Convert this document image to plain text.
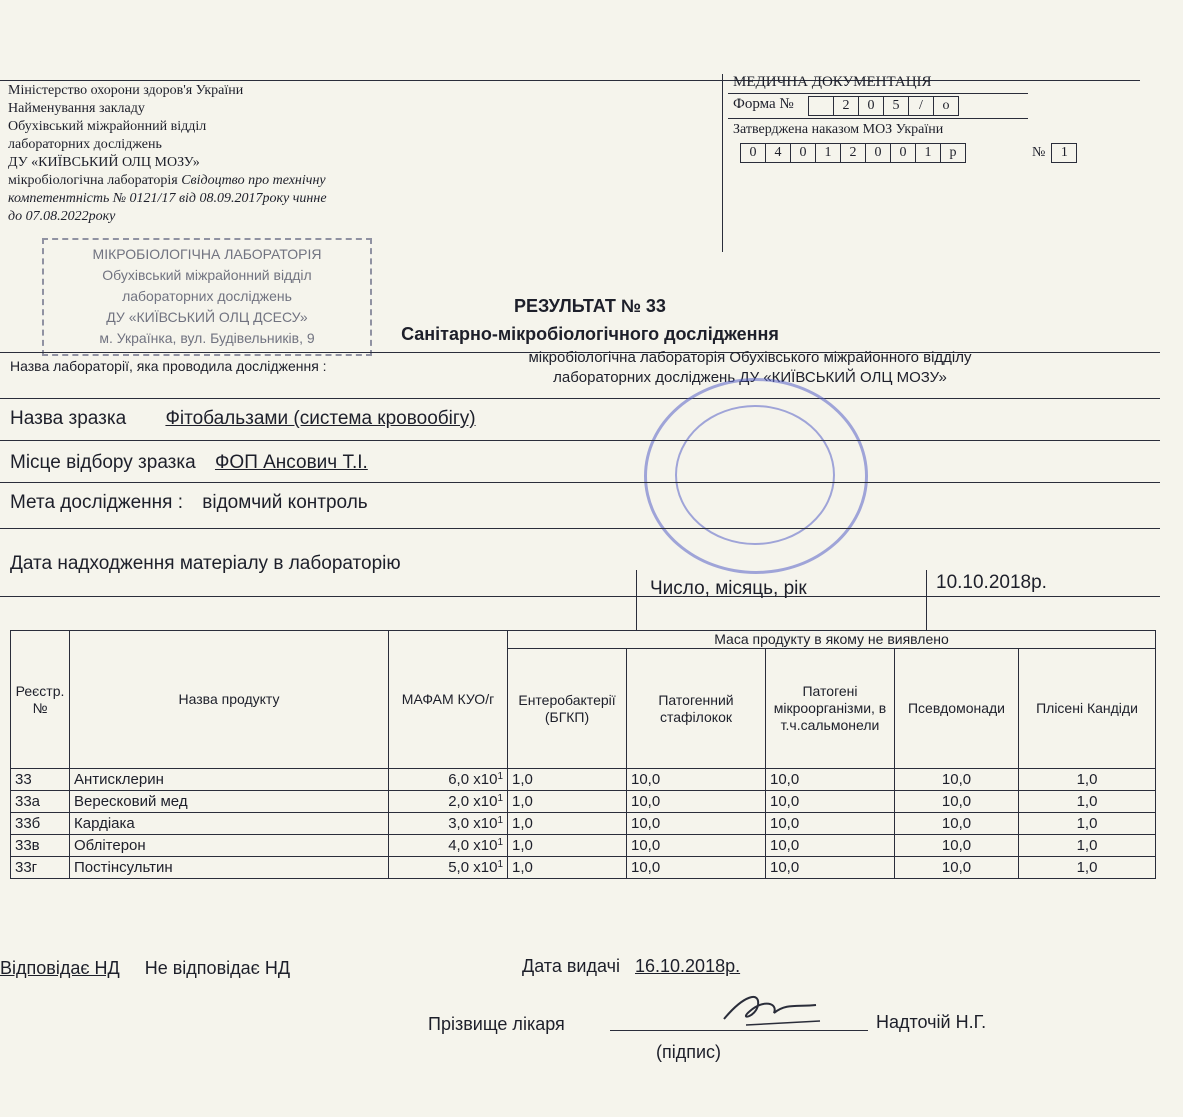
Міністерство охорони здоров'я України
Найменування закладу
Обухівський міжрайонний відділ
лабораторних досліджень
ДУ «КИЇВСЬКИЙ ОЛЦ МОЗУ»
мікробіологічна лабораторія Свідоцтво про технічну
компетентність № 0121/17 від 08.09.2017року чинне
до 07.08.2022року
МІКРОБІОЛОГІЧНА ЛАБОРАТОРІЯ
Обухівський міжрайонний відділ
лабораторних досліджень
ДУ «КИЇВСЬКИЙ ОЛЦ ДСЕСУ»
м. Українка, вул. Будівельників, 9
МЕДИЧНА ДОКУМЕНТАЦІЯ
Форма №	2	0	5	/	о
Затверджена наказом МОЗ України
0	4	0	1	2	0	0	1	р	№ 1
РЕЗУЛЬТАТ № 33
Санітарно-мікробіологічного дослідження
Назва лабораторії, яка проводила дослідження :	мікробіологічна лабораторія Обухівського міжрайонного відділу
лабораторних досліджень ДУ «КИЇВСЬКИЙ ОЛЦ МОЗУ»
Назва зразка Фітобальзами (система кровообігу)
Місце відбору зразка ФОП Ансович Т.І.
Мета дослідження : відомчий контроль
Дата надходження матеріалу в лабораторію
Число, місяць, рік	10.10.2018р.
Реєстр.№	Назва продукту	МАФАМ КУО/г	Маса продукту в якому не виявлено				
			Ентеробактерії (БГКП)	Патогенний стафілокок	Патогені мікроорганізми, в т.ч.сальмонели	Псевдомонади	Плісені Кандіди
33	Антисклерин	6,0 $x10^1$	1,0	10,0	10,0	10,0	1,0
33а	Вересковий мед	2,0 $x10^1$	1,0	10,0	10,0	10,0	1,0
33б	Кардіака	3,0 $x10^1$	1,0	10,0	10,0	10,0	1,0
33в	Облітерон	4,0 $x10^1$	1,0	10,0	10,0	10,0	1,0
33г	Постінсультин	5,0 $x10^1$	1,0	10,0	10,0	10,0	1,0
Відповідає НД Не відповідає НД	Дата видачі 16.10.2018р.
Прізвище лікаря	Надточій Н.Г.
(підпис)
